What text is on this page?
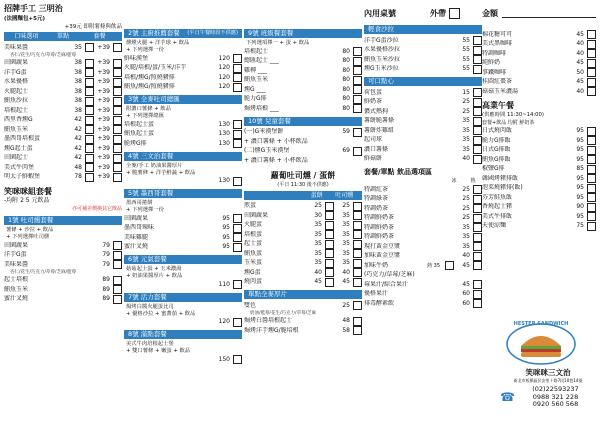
招牌手工 三明治
(法國麵包+5元)
+39元 即附薯條與飲品
口味選項	單點	套餐
美味果醬	35	+39
杏仁/花生/巧克力/草莓/芝麻/藍莓
田園蔬果	38	+39
洋芋G蛋	38	+39
水果優格	38	+39
火腿起士	38	+39
鮪魚沙拉	38	+39
培根起士	38	+39
西里香燻G	42	+39
鮪魚玉米	42	+39
墨西哥培根蛋	42	+39
燻G起士蛋	42	+39
田園起士	42	+39
美式牛肉堡	48	+39
明太子鮮蝦堡	78	+39
笑咪咪組套餐
-均附 2 5 元飲品
亦可補差價換其它飲品
1號 吐司燻套餐
薯條 + 沙拉 + 飲品
+ 下列選擇吐司燻
田園蔬果	79
洋芋G蛋	79
美味果醬	79
杏仁/花生/巧克力/草莓/芝麻/藍莓
起士培根	89
鮪魚玉米	89
蜜汁叉燒	89
2號 主廚推薦套餐 (平日午餐時段不供應)
燻燻火腿 + 洋芋球 + 飲品
+ 下列選擇一份
鮮味漢堡	120
火腿/培根/蛋/玉米/洋芋	120
培根/燻G/照燒豬排	120
鮪魚/燻G/照燒豬排	120
3號 全麥吐司總匯
附濃口薯條 + 飲品
+ 下列選擇總匯
培根起士蛋	130
鮪魚起士蛋	130
脆烤G排	130
4號 三文治套餐
全麥/手工 奶油果醬厚片
+ 脆薯條 + 洋芋鮮蔬 + 飲品
130
5號 墨西哥套餐
墨西哥捲餅
+ 下列選擇一份
田園蔬果	95
墨西哥辣味	95
美味雞腿	95
蜜汁叉燒	95
6號 元氣套餐
菇菇起士蛋 + 玉米濃湯
+ 奶油果醬厚片 + 飲品
110
7號 活力套餐
焗烤白醬火腿蛋比司
+ 優格沙拉 + 蜜蕃茄 + 飲品
120
8號 滿點套餐
美式牛肉培根起士堡
+ 雙口薯條 + 嫩蛋 + 飲品
150
9號 班級餐套餐
下列選項擇一 + 蛋 + 飲品
培根起士	80
總匯起士 ___	80
雞柳 ___	80
鮪魚玉米	80
燻G ___	80
脆力G排	80
焗烤培根 ___	80
10號 兒童套餐
(一)G米漢堡餅	59
+ 濃口薯條 + 小杯飲品
(二)燻G玉米漢堡	69
+ 濃口薯條 + 小杯飲品
蘿蔔吐司燻 / 蛋餅
(平日 11:30 後不供應)
蛋餅	吐司燻
煎蛋	25	25
田園蔬果	30	35
火腿蛋	35	35
培根蛋	35	35
起士蛋	35	35
鮪魚蛋	35	35
玉米蛋	35	35
燻G蛋	40	40
燒肉蛋	45	45
單點全麥厚片
雙色	25
奶油/藍莓/花生/巧克力/草莓/芝麻
焗烤白醬培根起士	48
焗烤洋芋燻G/脆培根	58
內用桌號	外帶
輕食沙拉
洋芋G蛋沙拉	55
水果優格沙拉	55
鮪魚玉米沙拉	55
燻G玉米沙拉	55
可口點心
荷包蛋	15
鮮奶茶	25
儂式熱狗	25
薯餅脆薯條	35
薯餅炸雞組	35
起司球	35
濃口薯條	35
鮮菇餅	40
套餐/單點 飲品選項區
冰	熱
特調紅茶	25
特調綠茶	25
特調奶茶	25
特調鮮奶茶	25
特調鮮奶茶	35
特調鮮奶茶	35
現打黃金豆漿	35
加味黃金豆漿	40
加味牛奶	熱 35	45
(巧克力/草莓/芝麻)
莓果汁/綜合果汁	45
優格果汁	60
排毒酵素飲	60
金額
棉花糖可可	45
美式黑咖啡	40
特調咖啡	40
純鮮奶	45
事鐵咖啡	50
桂圓紅棗茶	45
菇菇玉米濃湯	40
高業午餐
(供應時間 11:30~14:00)
套餐+飲品 均附 鮮奶茶
日式燒肉飯	95
脆力G排飯	95
日式G排飯	95
鮪魚G排飯	95
椒鹽G排	85
韓國烤豬排飯	95
泡菜燒豬排(飯)	95
芬芳鮭魚飯	95
香燒起士豬	90
美式牛排飯	95
天使涼麵	75
HESTER SANDWICH
笑咪咪三文治
新北市板橋區民安里十路7段10巷14號
☎
(02)22593237
0988 321 228
0920 560 568
